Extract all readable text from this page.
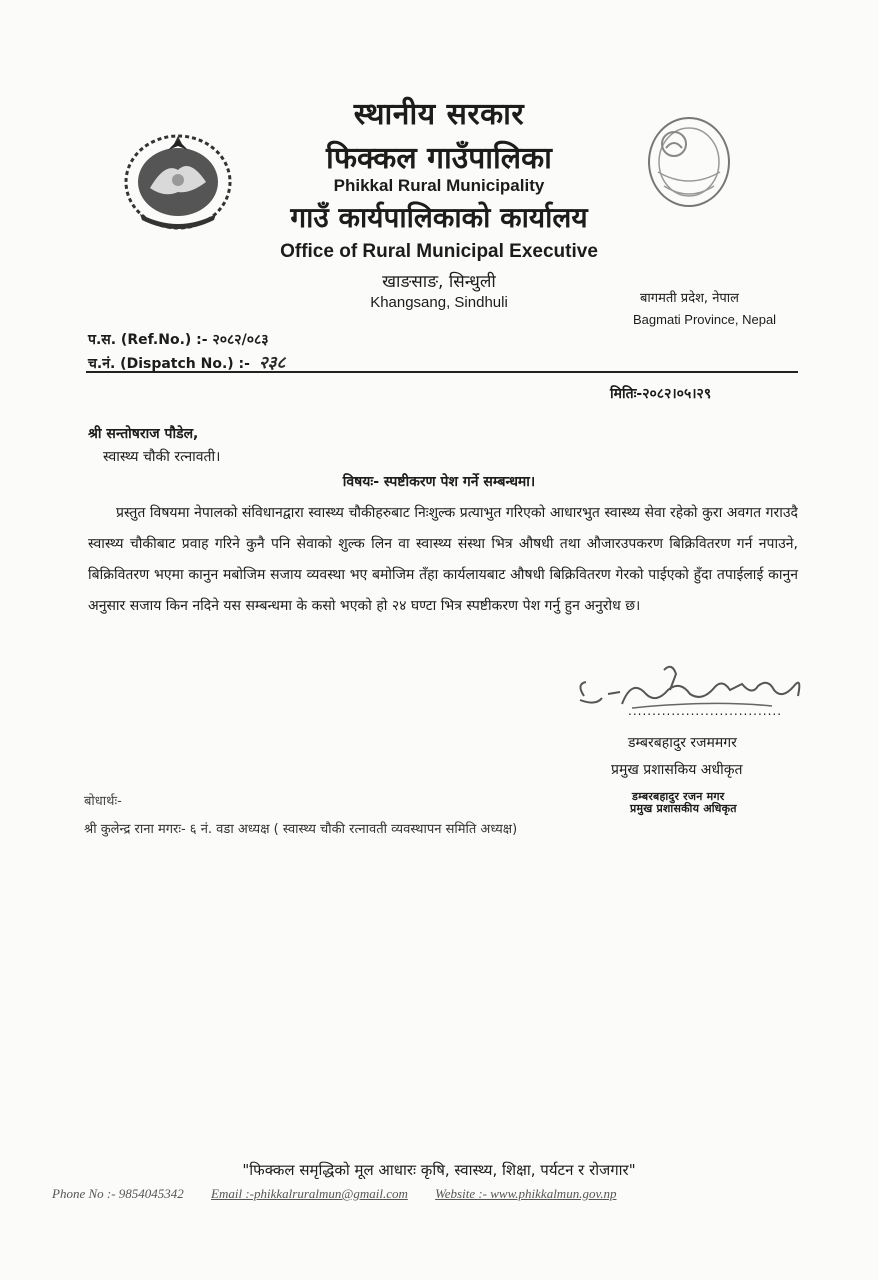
स्थानीय सरकार
फिक्कल गाउँपालिका
Phikkal Rural Municipality
गाउँ कार्यपालिकाको कार्यालय
Office of Rural Municipal Executive
खाङसाङ, सिन्धुली
Khangsang, Sindhuli	बागमती प्रदेश, नेपाल
Bagmati Province, Nepal
प.स. (Ref.No.) :- २०८२/०८३
च.नं. (Dispatch No.) :- २३८
मितिः-२०८२।०५।२९
श्री सन्तोषराज पौडेल,
स्वास्थ्य चौकी रत्नावती।
विषयः- स्पष्टीकरण पेश गर्ने सम्बन्धमा।
प्रस्तुत विषयमा नेपालको संविधानद्वारा स्वास्थ्य चौकीहरुबाट निःशुल्क प्रत्याभुत गरिएको आधारभुत स्वास्थ्य सेवा रहेको कुरा अवगत गराउदै स्वास्थ्य चौकीबाट प्रवाह गरिने कुनै पनि सेवाको शुल्क लिन वा स्वास्थ्य संस्था भित्र औषधी तथा औजारउपकरण बिक्रिवितरण गर्न नपाउने, बिक्रिवितरण भएमा कानुन मबोजिम सजाय व्यवस्था भए बमोजिम तँहा कार्यलायबाट औषधी बिक्रिवितरण गेरको पाईएको हुँदा तपाईलाई कानुन अनुसार सजाय किन नदिने यस सम्बन्धमा के कसो भएको हो २४ घण्टा भित्र स्पष्टीकरण पेश गर्नु हुन अनुरोध छ।
................................
डम्बरबहादुर रजममगर
प्रमुख प्रशासकिय अधीकृत
डम्बरबहादुर रजन मगर
प्रमुख प्रशासकीय अधिकृत
बोधार्थः-
श्री कुलेन्द्र राना मगरः- ६ नं. वडा अध्यक्ष ( स्वास्थ्य चौकी रत्नावती व्यवस्थापन समिति अध्यक्ष)
"फिक्कल समृद्धिको मूल आधारः कृषि, स्वास्थ्य, शिक्षा, पर्यटन र रोजगार"
Phone No :- 9854045342 Email :-phikkalruralmun@gmail.com Website :- www.phikkalmun.gov.np
